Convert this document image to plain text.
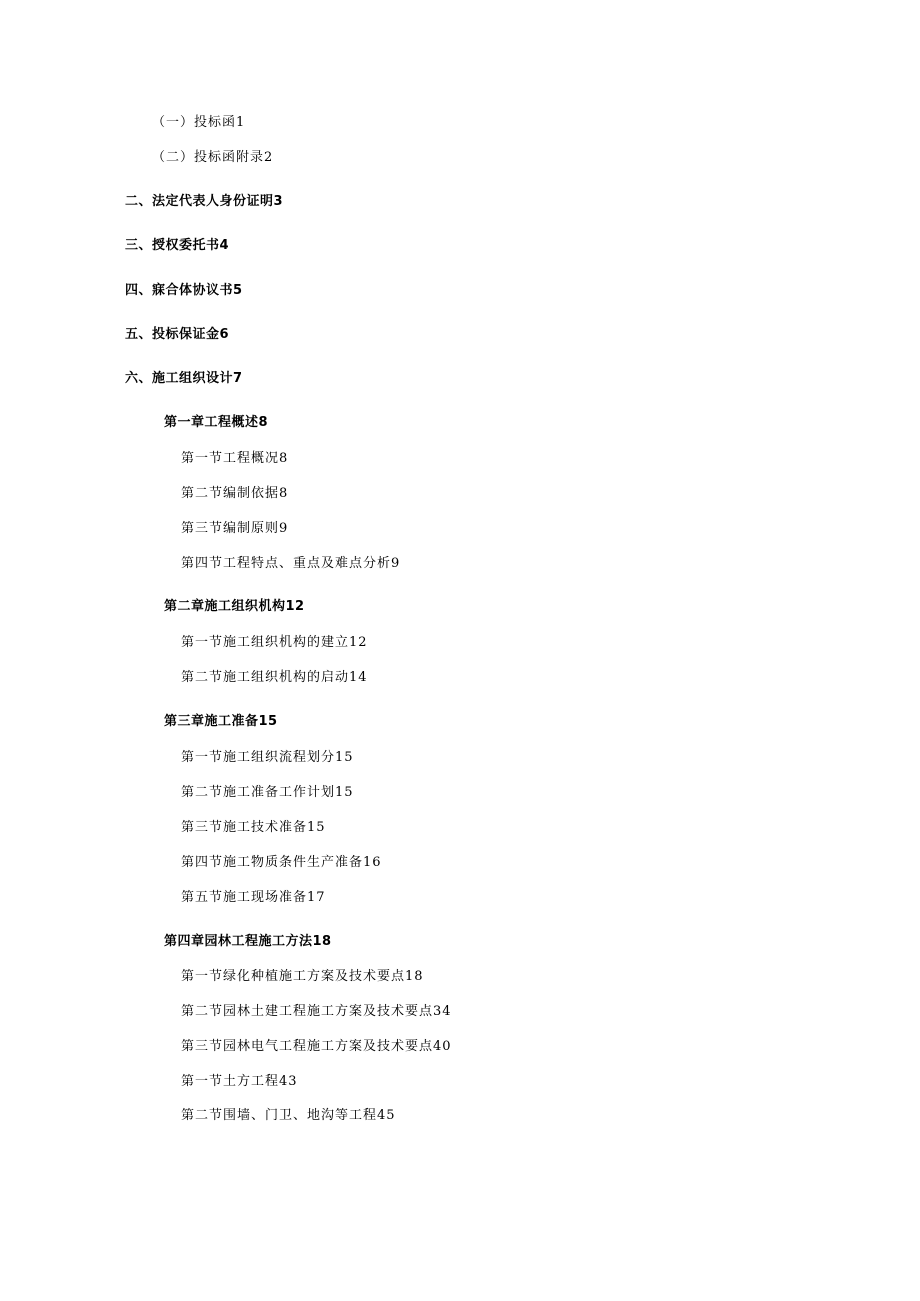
（一）投标函1
（二）投标函附录2
二、法定代表人身份证明3
三、授权委托书4
四、寐合体协议书5
五、投标保证金6
六、施工组织设计7
第一章工程概述8
第一节工程概况8
第二节编制依据8
第三节编制原则9
第四节工程特点、重点及难点分析9
第二章施工组织机构12
第一节施工组织机构的建立12
第二节施工组织机构的启动14
第三章施工准备15
第一节施工组织流程划分15
第二节施工准备工作计划15
第三节施工技术准备15
第四节施工物质条件生产准备16
第五节施工现场准备17
第四章园林工程施工方法18
第一节绿化种植施工方案及技术要点18
第二节园林土建工程施工方案及技术要点34
第三节园林电气工程施工方案及技术要点40
第一节土方工程43
第二节围墙、门卫、地沟等工程45
